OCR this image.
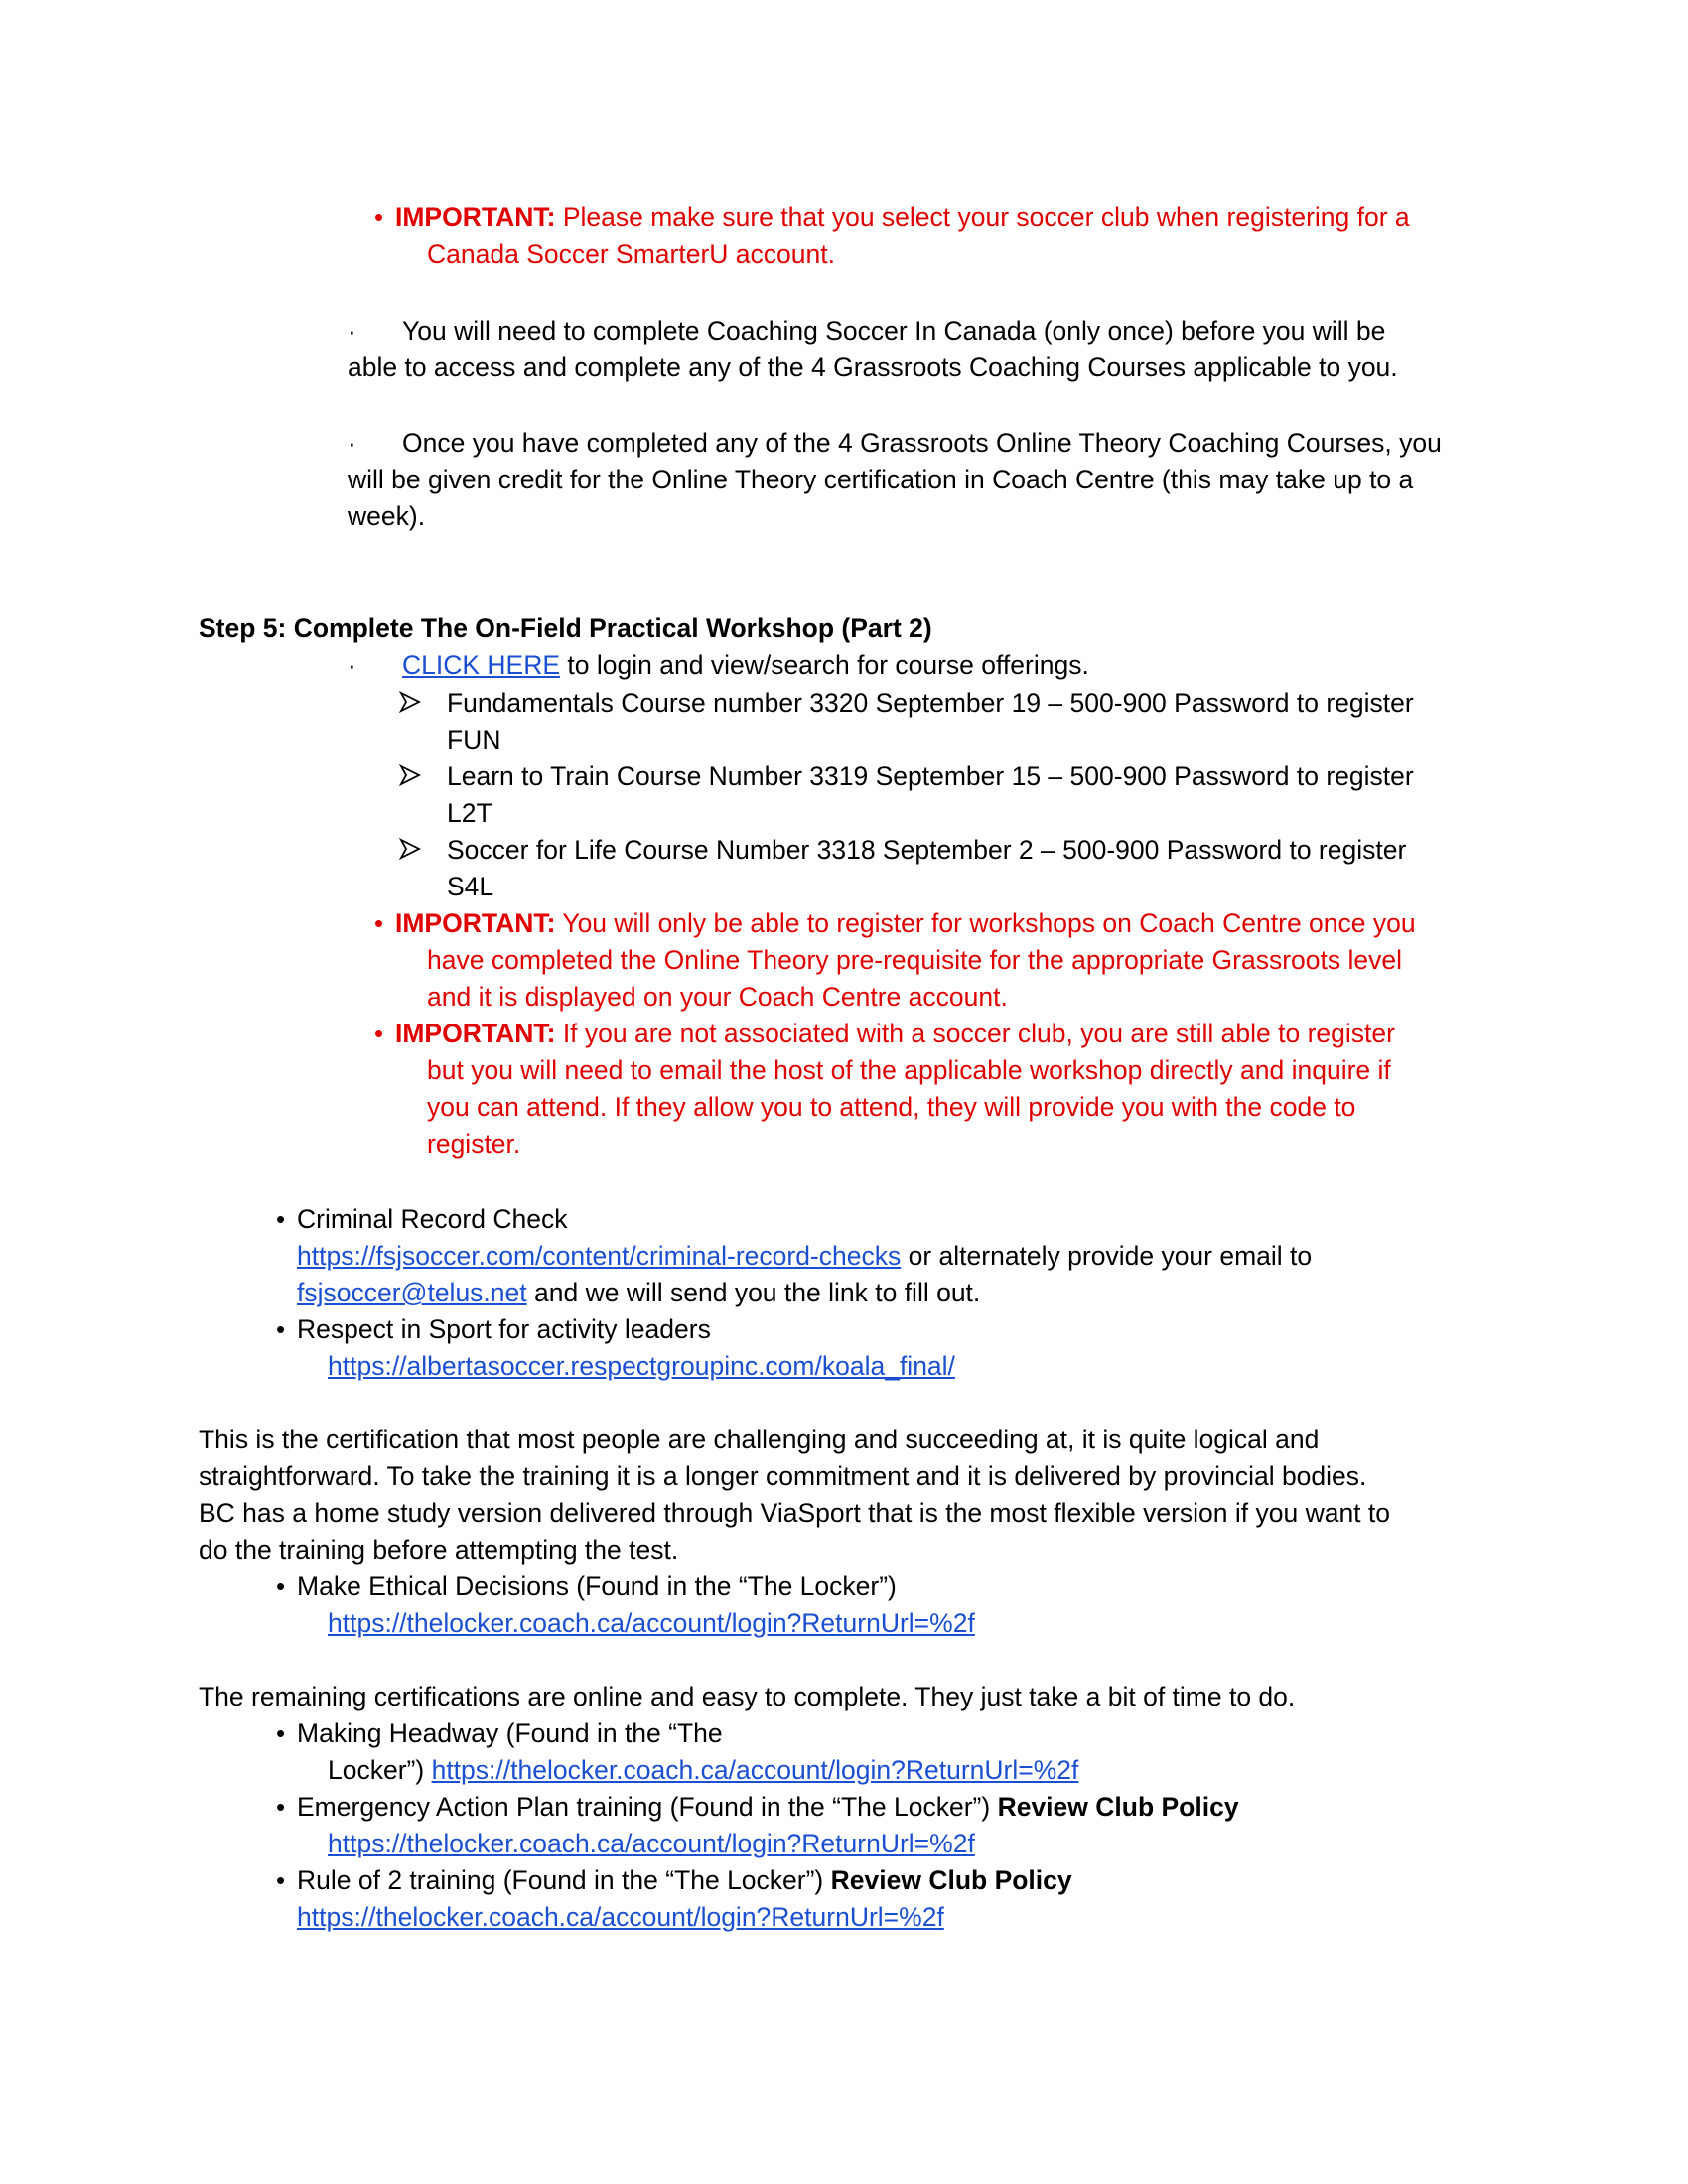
• IMPORTANT: Please make sure that you select your soccer club when registering for a
Canada Soccer SmarterU account.
· You will need to complete Coaching Soccer In Canada (only once) before you will be
able to access and complete any of the 4 Grassroots Coaching Courses applicable to you.
· Once you have completed any of the 4 Grassroots Online Theory Coaching Courses, you
will be given credit for the Online Theory certification in Coach Centre (this may take up to a
week).
Step 5: Complete The On-Field Practical Workshop (Part 2)
· CLICK HERE to login and view/search for course offerings.
Fundamentals Course number 3320 September 19 – 500-900 Password to register
FUN
Learn to Train Course Number 3319 September 15 – 500-900 Password to register
L2T
Soccer for Life Course Number 3318 September 2 – 500-900 Password to register
S4L
• IMPORTANT: You will only be able to register for workshops on Coach Centre once you
have completed the Online Theory pre-requisite for the appropriate Grassroots level
and it is displayed on your Coach Centre account.
• IMPORTANT: If you are not associated with a soccer club, you are still able to register
but you will need to email the host of the applicable workshop directly and inquire if
you can attend. If they allow you to attend, they will provide you with the code to
register.
• Criminal Record Check
https://fsjsoccer.com/content/criminal-record-checks or alternately provide your email to
fsjsoccer@telus.net and we will send you the link to fill out.
• Respect in Sport for activity leaders
https://albertasoccer.respectgroupinc.com/koala_final/
This is the certification that most people are challenging and succeeding at, it is quite logical and
straightforward. To take the training it is a longer commitment and it is delivered by provincial bodies.
BC has a home study version delivered through ViaSport that is the most flexible version if you want to
do the training before attempting the test.
• Make Ethical Decisions (Found in the “The Locker”)
https://thelocker.coach.ca/account/login?ReturnUrl=%2f
The remaining certifications are online and easy to complete. They just take a bit of time to do.
• Making Headway (Found in the “The
Locker”) https://thelocker.coach.ca/account/login?ReturnUrl=%2f
• Emergency Action Plan training (Found in the “The Locker”) Review Club Policy
https://thelocker.coach.ca/account/login?ReturnUrl=%2f
• Rule of 2 training (Found in the “The Locker”) Review Club Policy
https://thelocker.coach.ca/account/login?ReturnUrl=%2f
